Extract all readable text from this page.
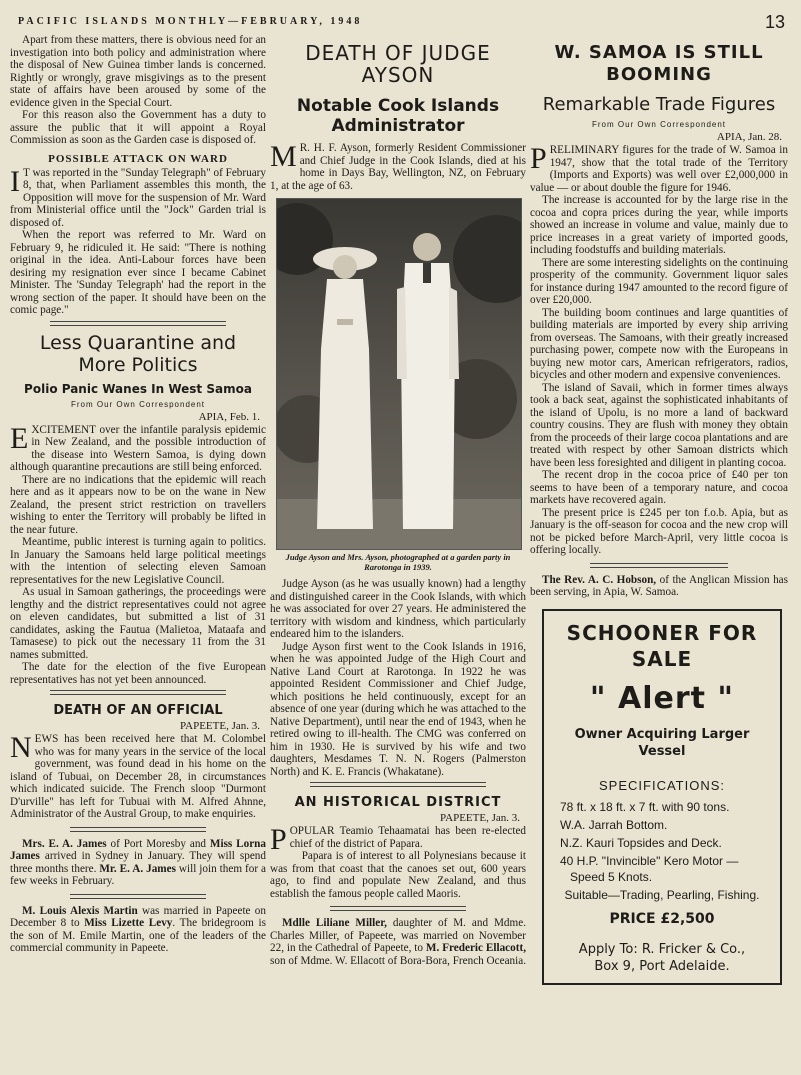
PACIFIC ISLANDS MONTHLY—FEBRUARY, 1948	13

Apart from these matters, there is obvious need for an investigation into both policy and administration where the disposal of New Guinea timber lands is concerned. Rightly or wrongly, grave misgivings as to the present state of affairs have been aroused by some of the evidence given in the Special Court.

For this reason also the Government has a duty to assure the public that it will appoint a Royal Commission as soon as the Garden case is disposed of.

POSSIBLE ATTACK ON WARD

I T was reported in the "Sunday Telegraph" of February 8, that, when Parliament assembles this month, the Opposition will move for the suspension of Mr. Ward from Ministerial office until the "Jock" Garden trial is disposed of.

When the report was referred to Mr. Ward on February 9, he ridiculed it. He said: "There is nothing original in the idea. Anti-Labour forces have been desiring my resignation ever since I became Cabinet Minister. The 'Sunday Telegraph' had the report in the wrong section of the paper. It should have been on the comic page."

Less Quarantine and
More Politics
Polio Panic Wanes In West Samoa
From Our Own Correspondent
APIA, Feb. 1.

EXCITEMENT over the infantile paralysis epidemic in New Zealand, and the possible introduction of the disease into Western Samoa, is dying down although quarantine precautions are still being enforced.

There are no indications that the epidemic will reach here and as it appears now to be on the wane in New Zealand, the present strict restriction on travellers wishing to enter the Territory will probably be lifted in the near future.

Meantime, public interest is turning again to politics. In January the Samoans held large political meetings with the intention of selecting eleven Samoan representatives for the new Legislative Council.

As usual in Samoan gatherings, the proceedings were lengthy and the district representatives could not agree on eleven candidates, but submitted a list of 31 candidates, asking the Fautua (Malietoa, Mataafa and Tamasese) to pick out the necessary 11 from the 31 names submitted.

The date for the election of the five European representatives has not yet been announced.

DEATH OF AN OFFICIAL
PAPEETE, Jan. 3.

NEWS has been received here that M. Colombel who was for many years in the service of the local government, was found dead in his home on the island of Tubuai, on December 28, in circumstances which indicated suicide. The French sloop "Durmont D'urville" has left for Tubuai with M. Alfred Ahnne, Administrator of the Austral Group, to make enquiries.

Mrs. E. A. James of Port Moresby and Miss Lorna James arrived in Sydney in January. They will spend three months there. Mr. E. A. James will join them for a few weeks in February.

M. Louis Alexis Martin was married in Papeete on December 8 to Miss Lizette Levy. The bridegroom is the son of M. Emile Martin, one of the leaders of the commercial community in Papeete.

DEATH OF JUDGE
AYSON
Notable Cook Islands
Administrator

M R. H. F. Ayson, formerly Resident Commissioner and Chief Judge in the Cook Islands, died at his home in Days Bay, Wellington, NZ, on February 1, at the age of 63.

Judge Ayson and Mrs. Ayson, photographed at a garden party in Rarotonga in 1939.

Judge Ayson (as he was usually known) had a lengthy and distinguished career in the Cook Islands, with which he was associated for over 27 years. He administered the territory with wisdom and kindness, which particularly endeared him to the islanders.

Judge Ayson first went to the Cook Islands in 1916, when he was appointed Judge of the High Court and Native Land Court at Rarotonga. In 1922 he was appointed Resident Commissioner and Chief Judge, which positions he held continuously, except for an absence of one year (during which he was attached to the Native Department), until near the end of 1943, when he retired owing to ill-health. The CMG was conferred on him in 1930. He is survived by his wife and two daughters, Mesdames T. N. N. Rogers (Palmerston North) and K. E. Francis (Whakatane).

AN HISTORICAL DISTRICT
PAPEETE, Jan. 3.

POPULAR Teamio Tehaamatai has been re-elected chief of the district of Papara.

Papara is of interest to all Polynesians because it was from that coast that the canoes set out, 600 years ago, to find and populate New Zealand, and thus establish the famous people called Maoris.

Mdlle Liliane Miller, daughter of M. and Mdme. Charles Miller, of Papeete, was married on November 22, in the Cathedral of Papeete, to M. Frederic Ellacott, son of Mdme. W. Ellacott of Bora-Bora, French Oceania.

W. SAMOA IS STILL
BOOMING
Remarkable Trade Figures
From Our Own Correspondent
APIA, Jan. 28.

PRELIMINARY figures for the trade of W. Samoa in 1947, show that the total trade of the Territory (Imports and Exports) was well over £2,000,000 in value — or about double the figure for 1946.

The increase is accounted for by the large rise in the cocoa and copra prices during the year, while imports showed an increase in volume and value, mainly due to price increases in a great variety of imported goods, including foodstuffs and building materials.

There are some interesting sidelights on the continuing prosperity of the community. Government liquor sales for instance during 1947 amounted to the record figure of over £20,000.

The building boom continues and large quantities of building materials are imported by every ship arriving from overseas. The Samoans, with their greatly increased purchasing power, compete now with the Europeans in buying new motor cars, American refrigerators, radios, bicycles and other modern and expensive conveniences.

The island of Savaii, which in former times always took a back seat, against the sophisticated inhabitants of the island of Upolu, is no more a land of backward country cousins. They are flush with money they obtain from the proceeds of their large cocoa plantations and are treated with respect by other Samoan districts which have been less foresighted and diligent in planting cocoa.

The recent drop in the cocoa price of £40 per ton seems to have been of a temporary nature, and cocoa markets have recovered again.

The present price is £245 per ton f.o.b. Apia, but as January is the off-season for cocoa and the new crop will not be picked before March-April, very little cocoa is offering locally.

The Rev. A. C. Hobson, of the Anglican Mission has been serving, in Apia, W. Samoa.

SCHOONER FOR
SALE
" Alert "
Owner Acquiring Larger
Vessel
SPECIFICATIONS:
78 ft. x 18 ft. x 7 ft. with 90 tons.
W.A. Jarrah Bottom.
N.Z. Kauri Topsides and Deck.
40 H.P. "Invincible" Kero Motor —Speed 5 Knots.
Suitable—Trading, Pearling, Fishing.
PRICE £2,500
Apply To: R. Fricker & Co.,
Box 9, Port Adelaide.
